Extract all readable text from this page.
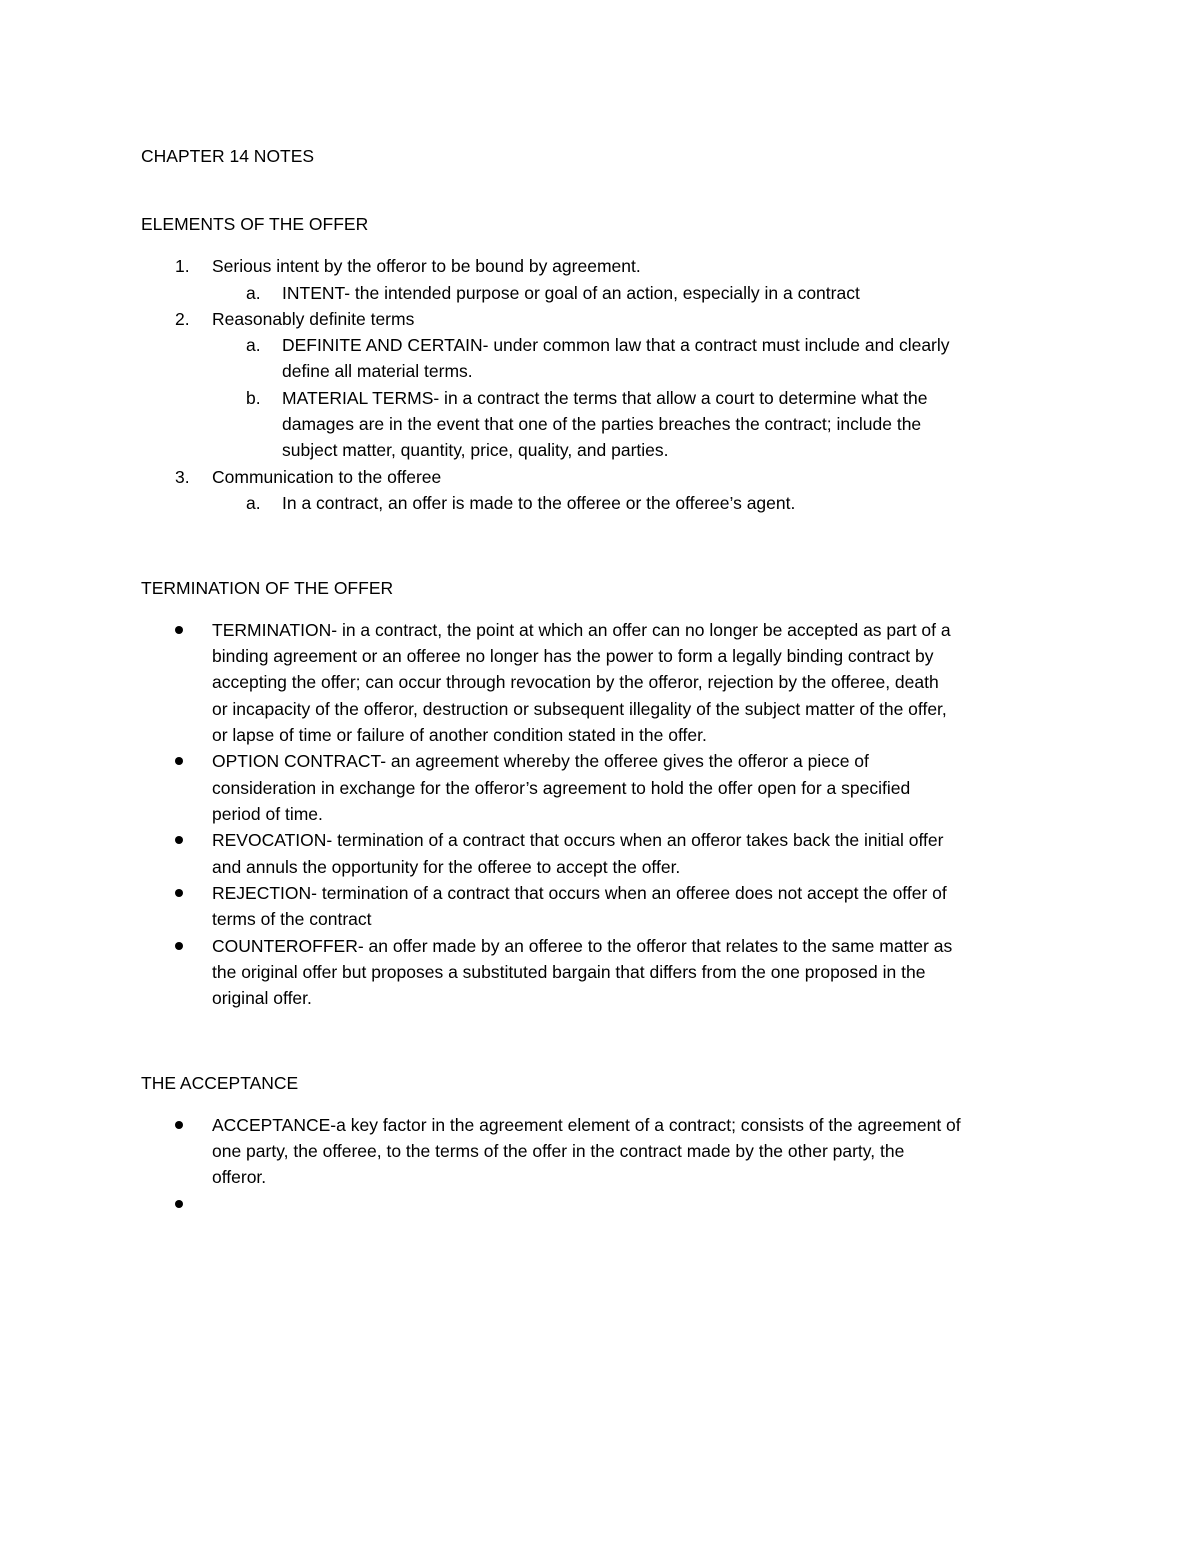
CHAPTER 14 NOTES
ELEMENTS OF THE OFFER
1. Serious intent by the offeror to be bound by agreement.
a. INTENT- the intended purpose or goal of an action, especially in a contract
2. Reasonably definite terms
a. DEFINITE AND CERTAIN- under common law that a contract must include and clearly
define all material terms.
b. MATERIAL TERMS- in a contract the terms that allow a court to determine what the
damages are in the event that one of the parties breaches the contract; include the
subject matter, quantity, price, quality, and parties.
3. Communication to the offeree
a. In a contract, an offer is made to the offeree or the offeree’s agent.
TERMINATION OF THE OFFER
TERMINATION- in a contract, the point at which an offer can no longer be accepted as part of a
binding agreement or an offeree no longer has the power to form a legally binding contract by
accepting the offer; can occur through revocation by the offeror, rejection by the offeree, death
or incapacity of the offeror, destruction or subsequent illegality of the subject matter of the offer,
or lapse of time or failure of another condition stated in the offer.
OPTION CONTRACT- an agreement whereby the offeree gives the offeror a piece of
consideration in exchange for the offeror’s agreement to hold the offer open for a specified
period of time.
REVOCATION- termination of a contract that occurs when an offeror takes back the initial offer
and annuls the opportunity for the offeree to accept the offer.
REJECTION- termination of a contract that occurs when an offeree does not accept the offer of
terms of the contract
COUNTEROFFER- an offer made by an offeree to the offeror that relates to the same matter as
the original offer but proposes a substituted bargain that differs from the one proposed in the
original offer.
THE ACCEPTANCE
ACCEPTANCE-a key factor in the agreement element of a contract; consists of the agreement of
one party, the offeree, to the terms of the offer in the contract made by the other party, the
offeror.
